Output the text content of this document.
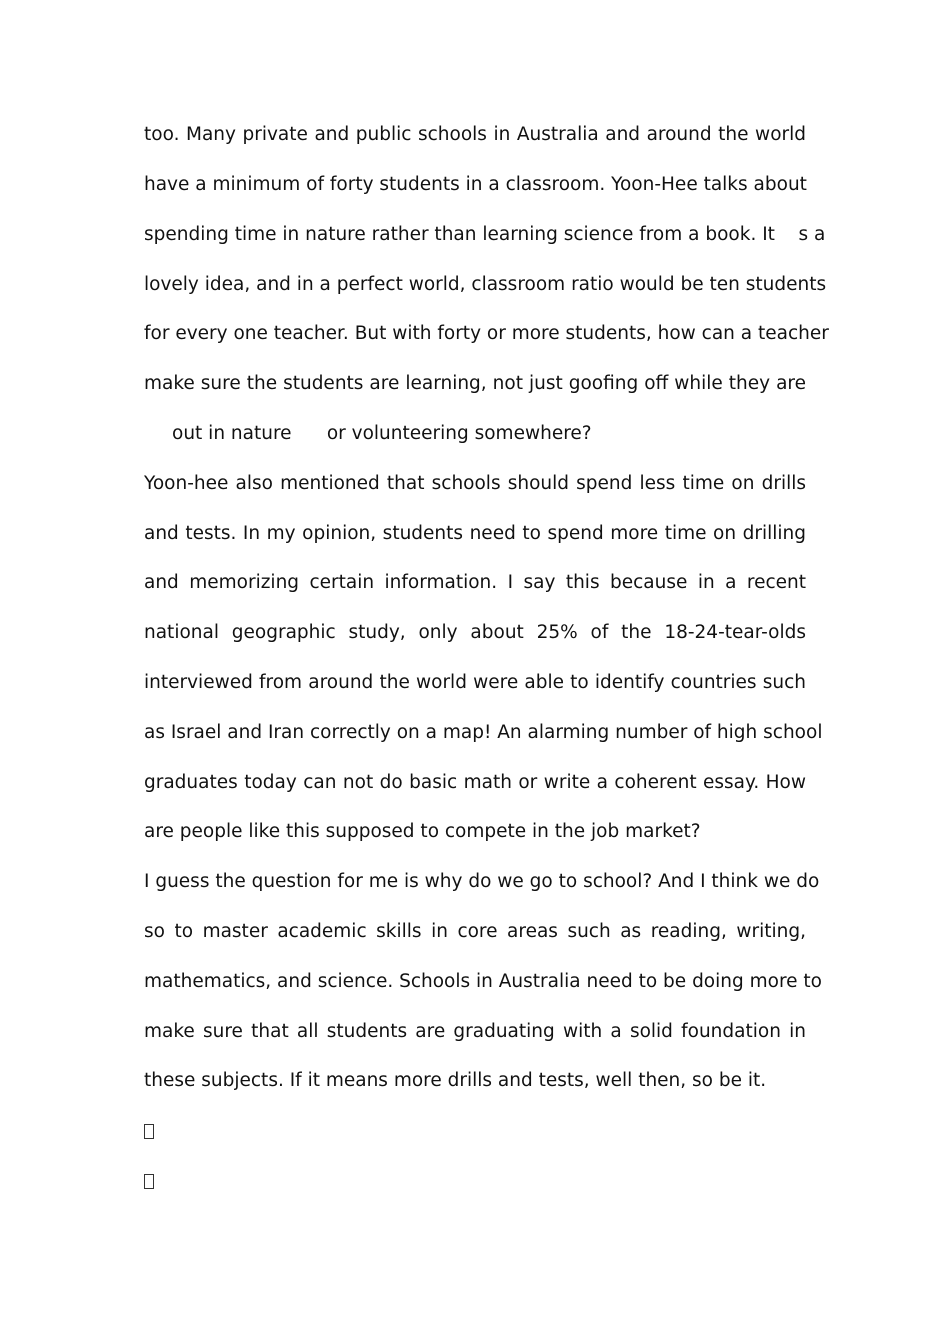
too. Many private and public schools in Australia and around the world
have a minimum of forty students in a classroom. Yoon-Hee talks about
spending time in nature rather than learning science from a book. It    s a
lovely idea, and in a perfect world, classroom ratio would be ten students
for every one teacher. But with forty or more students, how can a teacher
make sure the students are learning, not just goofing off while they are
out in nature      or volunteering somewhere?
Yoon-hee also mentioned that schools should spend less time on drills
and tests. In my opinion, students need to spend more time on drilling
and memorizing certain information. I say this because in a recent
national geographic study, only about 25% of the 18-24-tear-olds
interviewed from around the world were able to identify countries such
as Israel and Iran correctly on a map! An alarming number of high school
graduates today can not do basic math or write a coherent essay. How
are people like this supposed to compete in the job market?
I guess the question for me is why do we go to school? And I think we do
so to master academic skills in core areas such as reading, writing,
mathematics, and science. Schools in Australia need to be doing more to
make sure that all students are graduating with a solid foundation in
these subjects. If it means more drills and tests, well then, so be it.
